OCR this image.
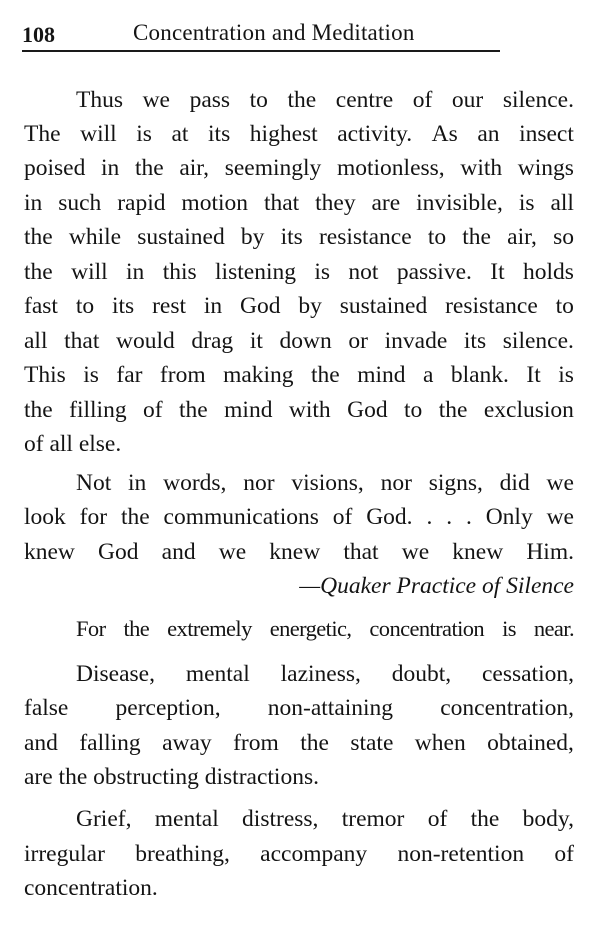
108	Concentration and Meditation
Thus we pass to the centre of our silence.
The will is at its highest activity. As an insect
poised in the air, seemingly motionless, with wings
in such rapid motion that they are invisible, is all
the while sustained by its resistance to the air, so
the will in this listening is not passive. It holds
fast to its rest in God by sustained resistance to
all that would drag it down or invade its silence.
This is far from making the mind a blank. It is
the filling of the mind with God to the exclusion
of all else.
Not in words, nor visions, nor signs, did we
look for the communications of God. . . . Only we
knew God and we knew that we knew Him.
—Quaker Practice of Silence
For the extremely energetic, concentration is near.
Disease, mental laziness, doubt, cessation,
false perception, non-attaining concentration,
and falling away from the state when obtained,
are the obstructing distractions.
Grief, mental distress, tremor of the body,
irregular breathing, accompany non-retention of
concentration.
